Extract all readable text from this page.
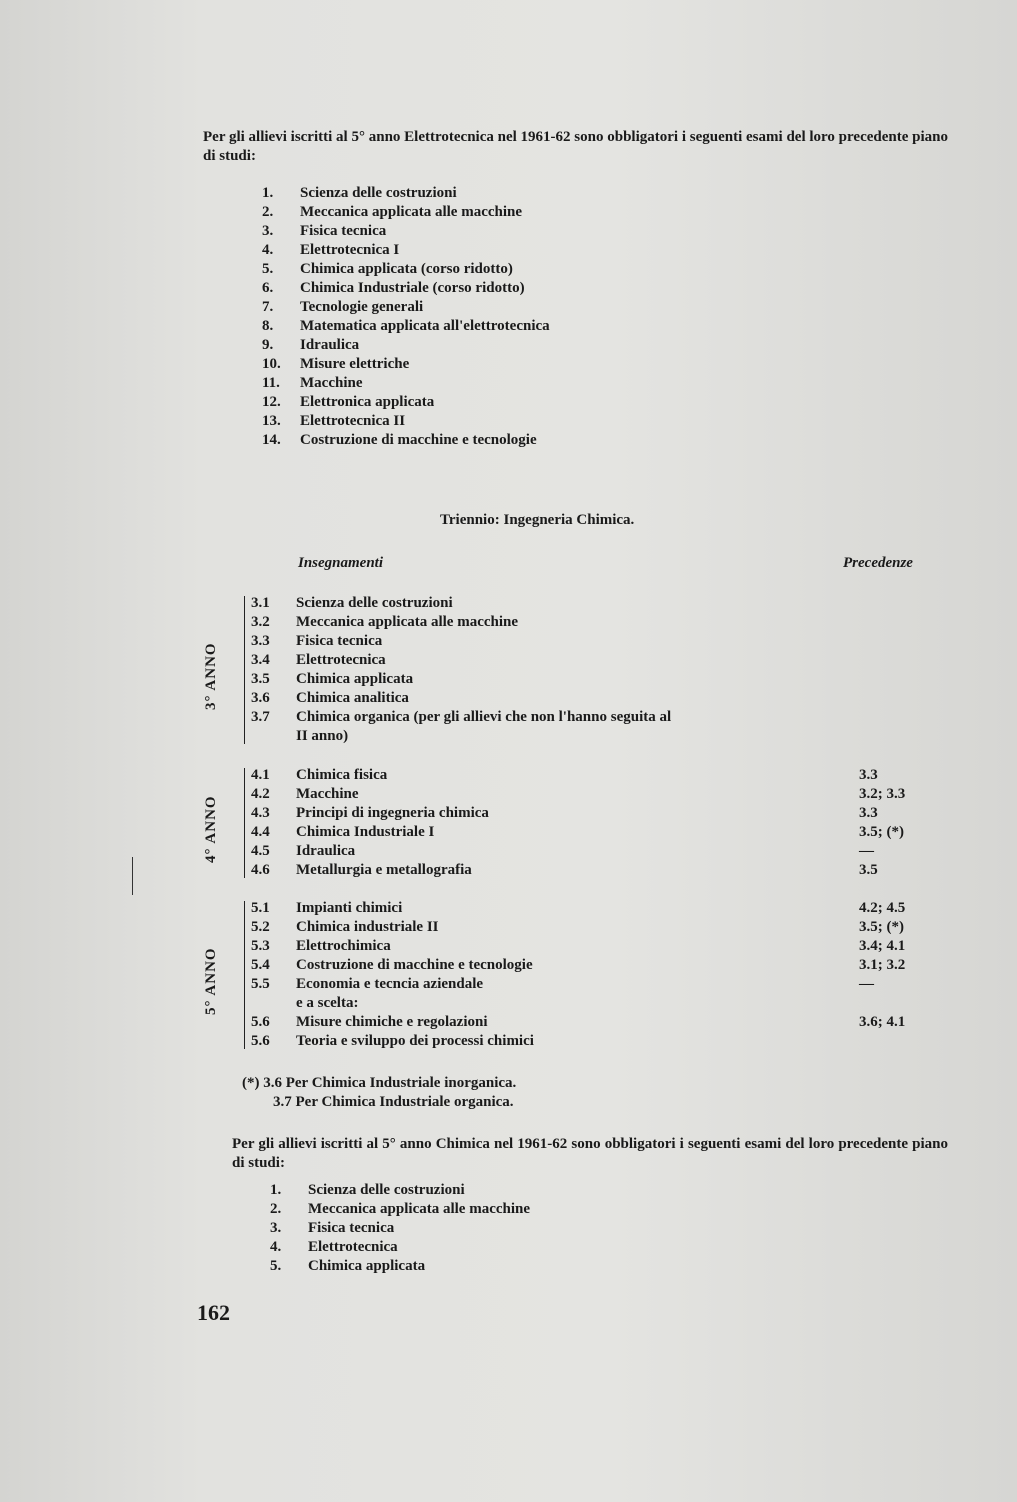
Per gli allievi iscritti al 5° anno Elettrotecnica nel 1961-62 sono obbligatori i seguenti esami del loro precedente piano di studi:

1. Scienza delle costruzioni
2. Meccanica applicata alle macchine
3. Fisica tecnica
4. Elettrotecnica I
5. Chimica applicata (corso ridotto)
6. Chimica Industriale (corso ridotto)
7. Tecnologie generali
8. Matematica applicata all'elettrotecnica
9. Idraulica
10. Misure elettriche
11. Macchine
12. Elettronica applicata
13. Elettrotecnica II
14. Costruzione di macchine e tecnologie
Triennio: Ingegneria Chimica.
Insegnamenti	Precedenze
3° ANNO
3.1 Scienza delle costruzioni
3.2 Meccanica applicata alle macchine
3.3 Fisica tecnica
3.4 Elettrotecnica
3.5 Chimica applicata
3.6 Chimica analitica
3.7 Chimica organica (per gli allievi che non l'hanno seguita al
II anno)
4° ANNO
4.1 Chimica fisica	3.3
4.2 Macchine	3.2; 3.3
4.3 Principi di ingegneria chimica	3.3
4.4 Chimica Industriale I	3.5; (*)
4.5 Idraulica	—
4.6 Metallurgia e metallografia	3.5
5° ANNO
5.1 Impianti chimici	4.2; 4.5
5.2 Chimica industriale II	3.5; (*)
5.3 Elettrochimica	3.4; 4.1
5.4 Costruzione di macchine e tecnologie	3.1; 3.2
5.5 Economia e tecncia aziendale	—
e a scelta:
5.6 Misure chimiche e regolazioni	3.6; 4.1
5.6 Teoria e sviluppo dei processi chimici
(*) 3.6 Per Chimica Industriale inorganica.
3.7 Per Chimica Industriale organica.

Per gli allievi iscritti al 5° anno Chimica nel 1961-62 sono obbligatori i seguenti esami del loro precedente piano di studi:

1. Scienza delle costruzioni
2. Meccanica applicata alle macchine
3. Fisica tecnica
4. Elettrotecnica
5. Chimica applicata
162
